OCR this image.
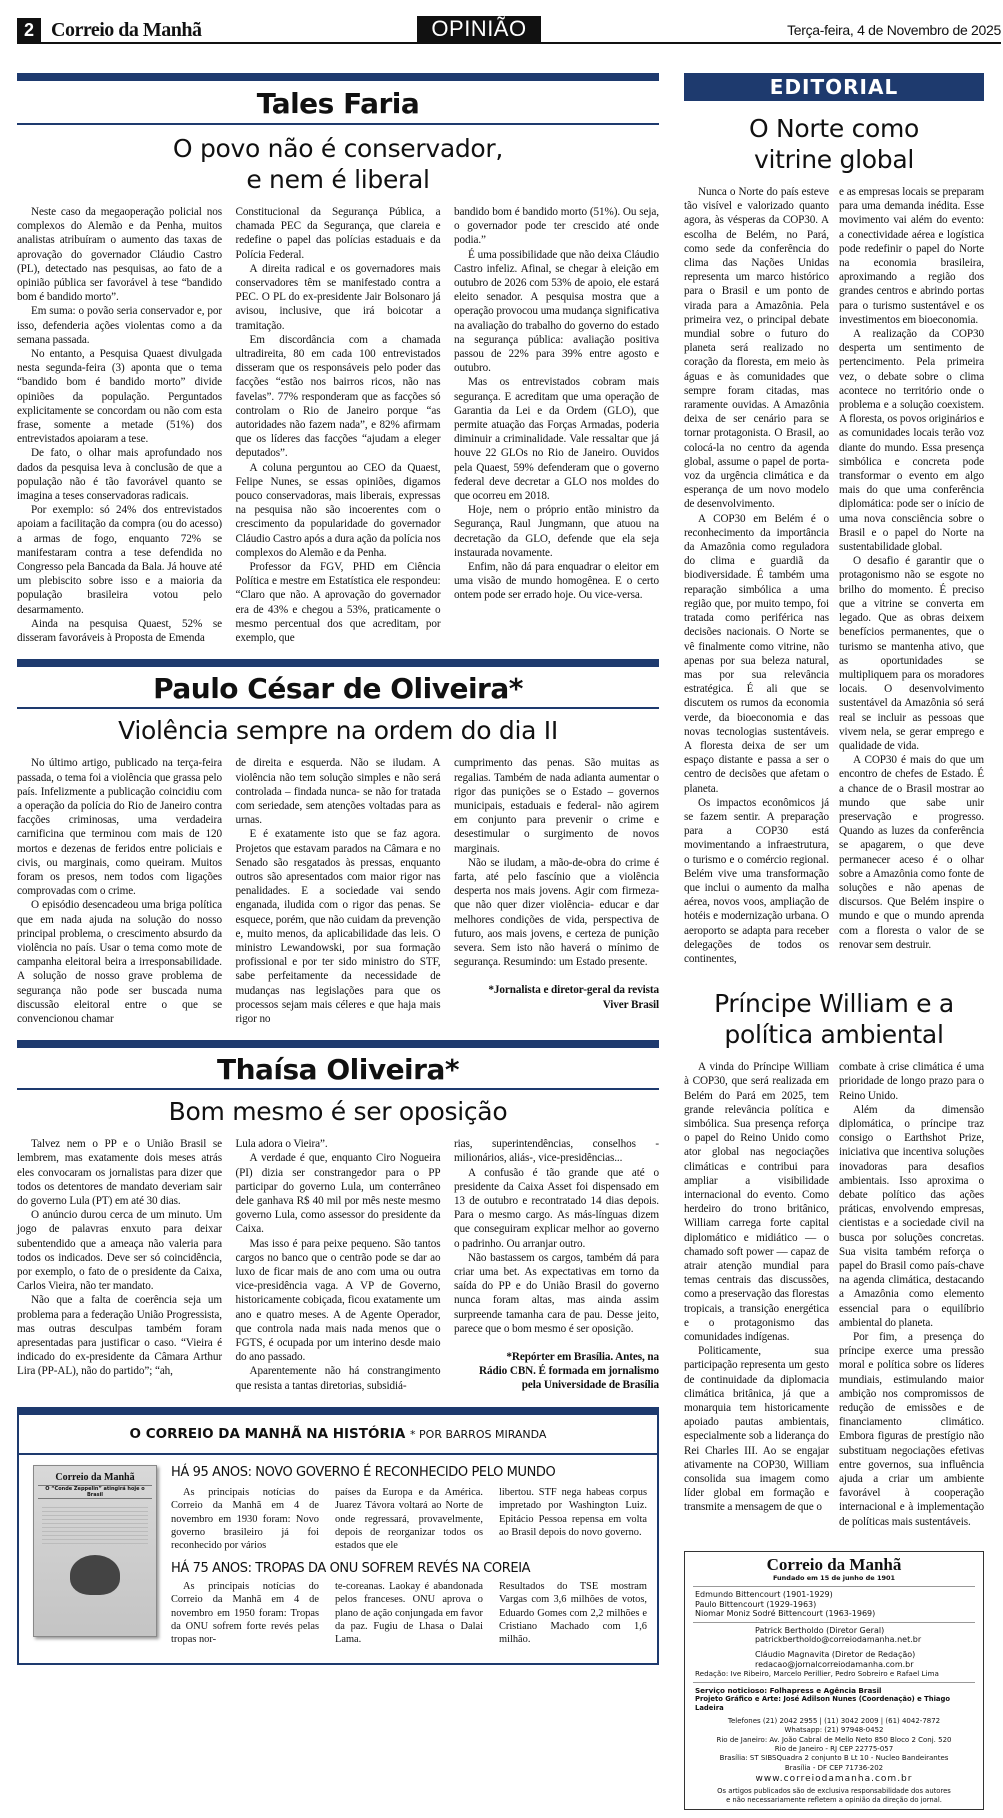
2 Correio da Manhã	OPINIÃO	Terça-feira, 4 de Novembro de 2025
Tales Faria
O povo não é conservador,
e nem é liberal

Neste caso da megaoperação policial nos complexos do Alemão e da Penha, muitos analistas atribuíram o aumento das taxas de aprovação do governador Cláudio Castro (PL), detectado nas pesquisas, ao fato de a opinião pública ser favorável à tese “bandido bom é bandido morto”.

Em suma: o povão seria conservador e, por isso, defenderia ações violentas como a da semana passada.

No entanto, a Pesquisa Quaest divulgada nesta segunda-feira (3) aponta que o tema “bandido bom é bandido morto” divide opiniões da população. Perguntados explicitamente se concordam ou não com esta frase, somente a metade (51%) dos entrevistados apoiaram a tese.

De fato, o olhar mais aprofundado nos dados da pesquisa leva à conclusão de que a população não é tão favorável quanto se imagina a teses conservadoras radicais.

Por exemplo: só 24% dos entrevistados apoiam a facilitação da compra (ou do acesso) a armas de fogo, enquanto 72% se manifestaram contra a tese defendida no Congresso pela Bancada da Bala. Já houve até um plebiscito sobre isso e a maioria da população brasileira votou pelo desarmamento.

Ainda na pesquisa Quaest, 52% se disseram favoráveis à Proposta de Emenda

Constitucional da Segurança Pública, a chamada PEC da Segurança, que clareia e redefine o papel das polícias estaduais e da Polícia Federal.

A direita radical e os governadores mais conservadores têm se manifestado contra a PEC. O PL do ex-presidente Jair Bolsonaro já avisou, inclusive, que irá boicotar a tramitação.

Em discordância com a chamada ultradireita, 80 em cada 100 entrevistados disseram que os responsáveis pelo poder das facções “estão nos bairros ricos, não nas favelas”. 77% responderam que as facções só controlam o Rio de Janeiro porque “as autoridades não fazem nada”, e 82% afirmam que os líderes das facções “ajudam a eleger deputados”.

A coluna perguntou ao CEO da Quaest, Felipe Nunes, se essas opiniões, digamos pouco conservadoras, mais liberais, expressas na pesquisa não são incoerentes com o crescimento da popularidade do governador Cláudio Castro após a dura ação da polícia nos complexos do Alemão e da Penha.

Professor da FGV, PHD em Ciência Política e mestre em Estatística ele respondeu: “Claro que não. A aprovação do governador era de 43% e chegou a 53%, praticamente o mesmo percentual dos que acreditam, por exemplo, que

bandido bom é bandido morto (51%). Ou seja, o governador pode ter crescido até onde podia.”

É uma possibilidade que não deixa Cláudio Castro infeliz. Afinal, se chegar à eleição em outubro de 2026 com 53% de apoio, ele estará eleito senador. A pesquisa mostra que a operação provocou uma mudança significativa na avaliação do trabalho do governo do estado na segurança pública: avaliação positiva passou de 22% para 39% entre agosto e outubro.

Mas os entrevistados cobram mais segurança. E acreditam que uma operação de Garantia da Lei e da Ordem (GLO), que permite atuação das Forças Armadas, poderia diminuir a criminalidade. Vale ressaltar que já houve 22 GLOs no Rio de Janeiro. Ouvidos pela Quaest, 59% defenderam que o governo federal deve decretar a GLO nos moldes do que ocorreu em 2018.

Hoje, nem o próprio então ministro da Segurança, Raul Jungmann, que atuou na decretação da GLO, defende que ela seja instaurada novamente.

Enfim, não dá para enquadrar o eleitor em uma visão de mundo homogênea. E o certo ontem pode ser errado hoje. Ou vice-versa.

Paulo César de Oliveira*
Violência sempre na ordem do dia II

No último artigo, publicado na terça-feira passada, o tema foi a violência que grassa pelo país. Infelizmente a publicação coincidiu com a operação da polícia do Rio de Janeiro contra facções criminosas, uma verdadeira carnificina que terminou com mais de 120 mortos e dezenas de feridos entre policiais e civis, ou marginais, como queiram. Muitos foram os presos, nem todos com ligações comprovadas com o crime.

O episódio desencadeou uma briga política que em nada ajuda na solução do nosso principal problema, o crescimento absurdo da violência no país. Usar o tema como mote de campanha eleitoral beira a irresponsabilidade. A solução de nosso grave problema de segurança não pode ser buscada numa discussão eleitoral entre o que se convencionou chamar

de direita e esquerda. Não se iludam. A violência não tem solução simples e não será controlada – findada nunca- se não for tratada com seriedade, sem atenções voltadas para as urnas.

E é exatamente isto que se faz agora. Projetos que estavam parados na Câmara e no Senado são resgatados às pressas, enquanto outros são apresentados com maior rigor nas penalidades. E a sociedade vai sendo enganada, iludida com o rigor das penas. Se esquece, porém, que não cuidam da prevenção e, muito menos, da aplicabilidade das leis. O ministro Lewandowski, por sua formação profissional e por ter sido ministro do STF, sabe perfeitamente da necessidade de mudanças nas legislações para que os processos sejam mais céleres e que haja mais rigor no

cumprimento das penas. São muitas as regalias. Também de nada adianta aumentar o rigor das punições se o Estado – governos municipais, estaduais e federal- não agirem em conjunto para prevenir o crime e desestimular o surgimento de novos marginais.

Não se iludam, a mão-de-obra do crime é farta, até pelo fascínio que a violência desperta nos mais jovens. Agir com firmeza- que não quer dizer violência- educar e dar melhores condições de vida, perspectiva de futuro, aos mais jovens, e certeza de punição severa. Sem isto não haverá o mínimo de segurança. Resumindo: um Estado presente.

*Jornalista e diretor-geral da revista
Viver Brasil
Thaísa Oliveira*
Bom mesmo é ser oposição

Talvez nem o PP e o União Brasil se lembrem, mas exatamente dois meses atrás eles convocaram os jornalistas para dizer que todos os detentores de mandato deveriam sair do governo Lula (PT) em até 30 dias.

O anúncio durou cerca de um minuto. Um jogo de palavras enxuto para deixar subentendido que a ameaça não valeria para todos os indicados. Deve ser só coincidência, por exemplo, o fato de o presidente da Caixa, Carlos Vieira, não ter mandato.

Não que a falta de coerência seja um problema para a federação União Progressista, mas outras desculpas também foram apresentadas para justificar o caso. “Vieira é indicado do ex-presidente da Câmara Arthur Lira (PP-AL), não do partido”; “ah,

Lula adora o Vieira”.

A verdade é que, enquanto Ciro Nogueira (PI) dizia ser constrangedor para o PP participar do governo Lula, um conterrâneo dele ganhava R$ 40 mil por mês neste mesmo governo Lula, como assessor do presidente da Caixa.

Mas isso é para peixe pequeno. São tantos cargos no banco que o centrão pode se dar ao luxo de ficar mais de ano com uma ou outra vice-presidência vaga. A VP de Governo, historicamente cobiçada, ficou exatamente um ano e quatro meses. A de Agente Operador, que controla nada mais nada menos que o FGTS, é ocupada por um interino desde maio do ano passado.

Aparentemente não há constrangimento que resista a tantas diretorias, subsidiá-

rias, superintendências, conselhos -milionários, aliás-, vice-presidências...

A confusão é tão grande que até o presidente da Caixa Asset foi dispensado em 13 de outubro e recontratado 14 dias depois. Para o mesmo cargo. As más-línguas dizem que conseguiram explicar melhor ao governo o padrinho. Ou arranjar outro.

Não bastassem os cargos, também dá para criar uma bet. As expectativas em torno da saída do PP e do União Brasil do governo nunca foram altas, mas ainda assim surpreende tamanha cara de pau. Desse jeito, parece que o bom mesmo é ser oposição.

*Repórter em Brasília. Antes, na
Rádio CBN. É formada em jornalismo
pela Universidade de Brasília
O CORREIO DA MANHÃ NA HISTÓRIA * POR BARROS MIRANDA
Correio da Manhã
O “Conde Zeppelin” atingirá hoje o Brasil
HÁ 95 ANOS: NOVO GOVERNO É RECONHECIDO PELO MUNDO

As principais notícias do Correio da Manhã em 4 de novembro em 1930 foram: Novo governo brasileiro já foi reconhecido por vários

países da Europa e da América. Juarez Távora voltará ao Norte de onde regressará, provavelmente, depois de reorganizar todos os estados que ele

libertou. STF nega habeas corpus impretado por Washington Luiz. Epitácio Pessoa repensa em volta ao Brasil depois do novo governo.

HÁ 75 ANOS: TROPAS DA ONU SOFREM REVÉS NA COREIA

As principais notícias do Correio da Manhã em 4 de novembro em 1950 foram: Tropas da ONU sofrem forte revés pelas tropas nor-

te-coreanas. Laokay é abandonada pelos franceses. ONU aprova o plano de ação conjungada em favor da paz. Fugiu de Lhasa o Dalai Lama.

Resultados do TSE mostram Vargas com 3,6 milhões de votos, Eduardo Gomes com 2,2 milhões e Cristiano Machado com 1,6 milhão.

EDITORIAL
O Norte como
vitrine global

Nunca o Norte do país esteve tão visível e valorizado quanto agora, às vésperas da COP30. A escolha de Belém, no Pará, como sede da conferência do clima das Nações Unidas representa um marco histórico para o Brasil e um ponto de virada para a Amazônia. Pela primeira vez, o principal debate mundial sobre o futuro do planeta será realizado no coração da floresta, em meio às águas e às comunidades que sempre foram citadas, mas raramente ouvidas. A Amazônia deixa de ser cenário para se tornar protagonista. O Brasil, ao colocá-la no centro da agenda global, assume o papel de porta-voz da urgência climática e da esperança de um novo modelo de desenvolvimento.

A COP30 em Belém é o reconhecimento da importância da Amazônia como reguladora do clima e guardiã da biodiversidade. É também uma reparação simbólica a uma região que, por muito tempo, foi tratada como periférica nas decisões nacionais. O Norte se vê finalmente como vitrine, não apenas por sua beleza natural, mas por sua relevância estratégica. É ali que se discutem os rumos da economia verde, da bioeconomia e das novas tecnologias sustentáveis. A floresta deixa de ser um espaço distante e passa a ser o centro de decisões que afetam o planeta.

Os impactos econômicos já se fazem sentir. A preparação para a COP30 está movimentando a infraestrutura, o turismo e o comércio regional. Belém vive uma transformação que inclui o aumento da malha aérea, novos voos, ampliação de hotéis e modernização urbana. O aeroporto se adapta para receber delegações de todos os continentes,

e as empresas locais se preparam para uma demanda inédita. Esse movimento vai além do evento: a conectividade aérea e logística pode redefinir o papel do Norte na economia brasileira, aproximando a região dos grandes centros e abrindo portas para o turismo sustentável e os investimentos em bioeconomia.

A realização da COP30 desperta um sentimento de pertencimento. Pela primeira vez, o debate sobre o clima acontece no território onde o problema e a solução coexistem. A floresta, os povos originários e as comunidades locais terão voz diante do mundo. Essa presença simbólica e concreta pode transformar o evento em algo mais do que uma conferência diplomática: pode ser o início de uma nova consciência sobre o Brasil e o papel do Norte na sustentabilidade global.

O desafio é garantir que o protagonismo não se esgote no brilho do momento. É preciso que a vitrine se converta em legado. Que as obras deixem benefícios permanentes, que o turismo se mantenha ativo, que as oportunidades se multipliquem para os moradores locais. O desenvolvimento sustentável da Amazônia só será real se incluir as pessoas que vivem nela, se gerar emprego e qualidade de vida.

A COP30 é mais do que um encontro de chefes de Estado. É a chance de o Brasil mostrar ao mundo que sabe unir preservação e progresso. Quando as luzes da conferência se apagarem, o que deve permanecer aceso é o olhar sobre a Amazônia como fonte de soluções e não apenas de discursos. Que Belém inspire o mundo e que o mundo aprenda com a floresta o valor de se renovar sem destruir.

Príncipe William e a
política ambiental

A vinda do Príncipe William à COP30, que será realizada em Belém do Pará em 2025, tem grande relevância política e simbólica. Sua presença reforça o papel do Reino Unido como ator global nas negociações climáticas e contribui para ampliar a visibilidade internacional do evento. Como herdeiro do trono britânico, William carrega forte capital diplomático e midiático — o chamado soft power — capaz de atrair atenção mundial para temas centrais das discussões, como a preservação das florestas tropicais, a transição energética e o protagonismo das comunidades indígenas.

Politicamente, sua participação representa um gesto de continuidade da diplomacia climática britânica, já que a monarquia tem historicamente apoiado pautas ambientais, especialmente sob a liderança do Rei Charles III. Ao se engajar ativamente na COP30, William consolida sua imagem como líder global em formação e transmite a mensagem de que o

combate à crise climática é uma prioridade de longo prazo para o Reino Unido.

Além da dimensão diplomática, o príncipe traz consigo o Earthshot Prize, iniciativa que incentiva soluções inovadoras para desafios ambientais. Isso aproxima o debate político das ações práticas, envolvendo empresas, cientistas e a sociedade civil na busca por soluções concretas. Sua visita também reforça o papel do Brasil como país-chave na agenda climática, destacando a Amazônia como elemento essencial para o equilíbrio ambiental do planeta.

Por fim, a presença do príncipe exerce uma pressão moral e política sobre os líderes mundiais, estimulando maior ambição nos compromissos de redução de emissões e de financiamento climático. Embora figuras de prestígio não substituam negociações efetivas entre governos, sua influência ajuda a criar um ambiente favorável à cooperação internacional e à implementação de políticas mais sustentáveis.

Correio da Manhã
Fundado em 15 de junho de 1901
Edmundo Bittencourt (1901-1929)
Paulo Bittencourt (1929-1963)
Niomar Moniz Sodré Bittencourt (1963-1969)
Patrick Bertholdo (Diretor Geral)
patrickbertholdo@correiodamanha.net.br
Cláudio Magnavita (Diretor de Redação)
redacao@jornalcorreiodamanha.com.br
Redação: Ive Ribeiro, Marcelo Perillier, Pedro Sobreiro e Rafael Lima
Serviço noticioso: Folhapress e Agência Brasil
Projeto Gráfico e Arte: José Adilson Nunes (Coordenação) e Thiago Ladeira
Telefones (21) 2042 2955 | (11) 3042 2009 | (61) 4042-7872
Whatsapp: (21) 97948-0452
Rio de Janeiro: Av. João Cabral de Mello Neto 850 Bloco 2 Conj. 520
Rio de Janeiro - RJ CEP 22775-057
Brasília: ST SIBSQuadra 2 conjunto B Lt 10 - Nucleo Bandeirantes
Brasília - DF CEP 71736-202
www.correiodamanha.com.br
Os artigos publicados são de exclusiva responsabilidade dos autores
e não necessariamente refletem a opinião da direção do jornal.
